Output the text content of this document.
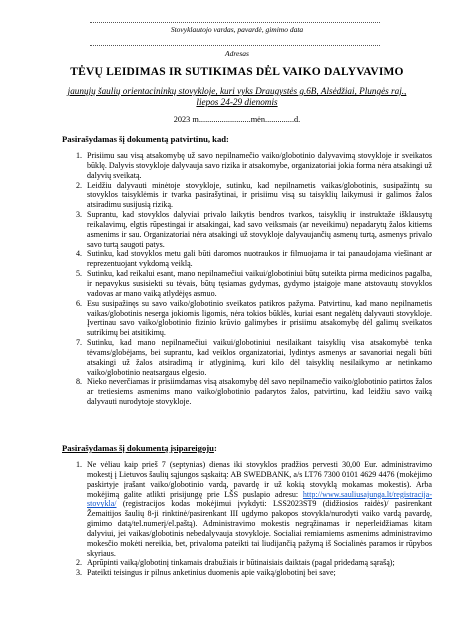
Stovyklautojo vardas, pavardė, gimimo data
Adresas
TĖVŲ LEIDIMAS IR SUTIKIMAS DĖL VAIKO DALYVAVIMO
jaunųjų šaulių orientacininkų stovykloje, kuri vyks Draugystės g.6B, Alsėdžiai, Plungės raj.,
liepos 24-29 dienomis
2023 m.........................mėn..............d.
Pasirašydamas šį dokumentą patvirtinu, kad:
1. Prisiimu sau visą atsakomybę už savo nepilnamečio vaiko/globotinio dalyvavimą stovykloje ir sveikatos būklę. Dalyvis stovykloje dalyvauja savo rizika ir atsakomybe, organizatoriai jokia forma nėra atsakingi už dalyvių sveikatą.
2. Leidžiu dalyvauti minėtoje stovykloje, sutinku, kad nepilnametis vaikas/globotinis, susipažintų su stovyklos taisyklėmis ir tvarka pasirašytinai, ir prisiimu visą su taisyklių laikymusi ir galimos žalos atsiradimu susijusią riziką.
3. Suprantu, kad stovyklos dalyviai privalo laikytis bendros tvarkos, taisyklių ir instruktaže išklausytų reikalavimų, elgtis rūpestingai ir atsakingai, kad savo veiksmais (ar neveikimu) nepadarytų žalos kitiems asmenims ir sau. Organizatoriai nėra atsakingi už stovykloje dalyvaujančių asmenų turtą, asmenys privalo savo turtą saugoti patys.
4. Sutinku, kad stovyklos metu gali būti daromos nuotraukos ir filmuojama ir tai panaudojama viešinant ar reprezentuojant vykdomą veiklą.
5. Sutinku, kad reikalui esant, mano nepilnamečiui vaikui/globotiniui būtų suteikta pirma medicinos pagalba, ir nepavykus susisiekti su tėvais, būtų tęsiamas gydymas, gydymo įstaigoje mane atstovautų stovyklos vadovas ar mano vaiką atlydėjęs asmuo.
6. Esu susipažinęs su savo vaiko/globotinio sveikatos patikros pažyma. Patvirtinu, kad mano nepilnametis vaikas/globotinis neserga jokiomis ligomis, nėra tokios būklės, kuriai esant negalėtų dalyvauti stovykloje. Įvertinau savo vaiko/globotinio fizinio krūvio galimybes ir prisiimu atsakomybę dėl galimų sveikatos sutrikimų bei atsitikimų.
7. Sutinku, kad mano nepilnamečiui vaikui/globotiniui nesilaikant taisyklių visa atsakomybė tenka tėvams/globėjams, bei suprantu, kad veiklos organizatoriai, lydintys asmenys ar savanoriai negali būti atsakingi už žalos atsiradimą ir atlyginimą, kuri kilo dėl taisyklių nesilaikymo ar netinkamo vaiko/globotinio neatsargaus elgesio.
8. Nieko neverčiamas ir prisiimdamas visą atsakomybę dėl savo nepilnamečio vaiko/globotinio patirtos žalos ar tretiesiems asmenims mano vaiko/globotinio padarytos žalos, patvirtinu, kad leidžiu savo vaiką dalyvauti nurodytoje stovykloje.
Pasirašydamas šį dokumentą įsipareigoju:
1. Ne vėliau kaip prieš 7 (septynias) dienas iki stovyklos pradžios pervesti 30,00 Eur. administravimo mokestį į Lietuvos šaulių sąjungos sąskaitą: AB SWEDBANK, a/s LT76 7300 0101 4629 4476 (mokėjimo paskirtyje įrašant vaiko/globotinio vardą, pavardę ir už kokią stovyklą mokamas mokestis). Arba mokėjimą galite atlikti prisijungę prie LŠS puslapio adresu: http://www.sauliusajunga.lt/registracija-stovykla/ (registracijos kodas mokėjimui įvykdyti: LSS2023ST9 (didžiosios raidės)/ pasirenkant Žemaitijos šaulių 8-ji rinktinė/pasirenkant III ugdymo pakopos stovykla/nurodyti vaiko vardą pavardę, gimimo datą/tel.numerį/el.paštą). Administravimo mokestis negrąžinamas ir neperleidžiamas kitam dalyviui, jei vaikas/globotinis nebedalyvauja stovykloje. Socialiai remiamiems asmenims administravimo mokesčio mokėti nereikia, bet, privaloma pateikti tai liudijančią pažymą iš Socialinės paramos ir rūpybos skyriaus.
2. Aprūpinti vaiką/globotinį tinkamais drabužiais ir būtinaisiais daiktais (pagal pridedamą sąrašą);
3. Pateikti teisingus ir pilnus anketinius duomenis apie vaiką/globotinį bei save;
